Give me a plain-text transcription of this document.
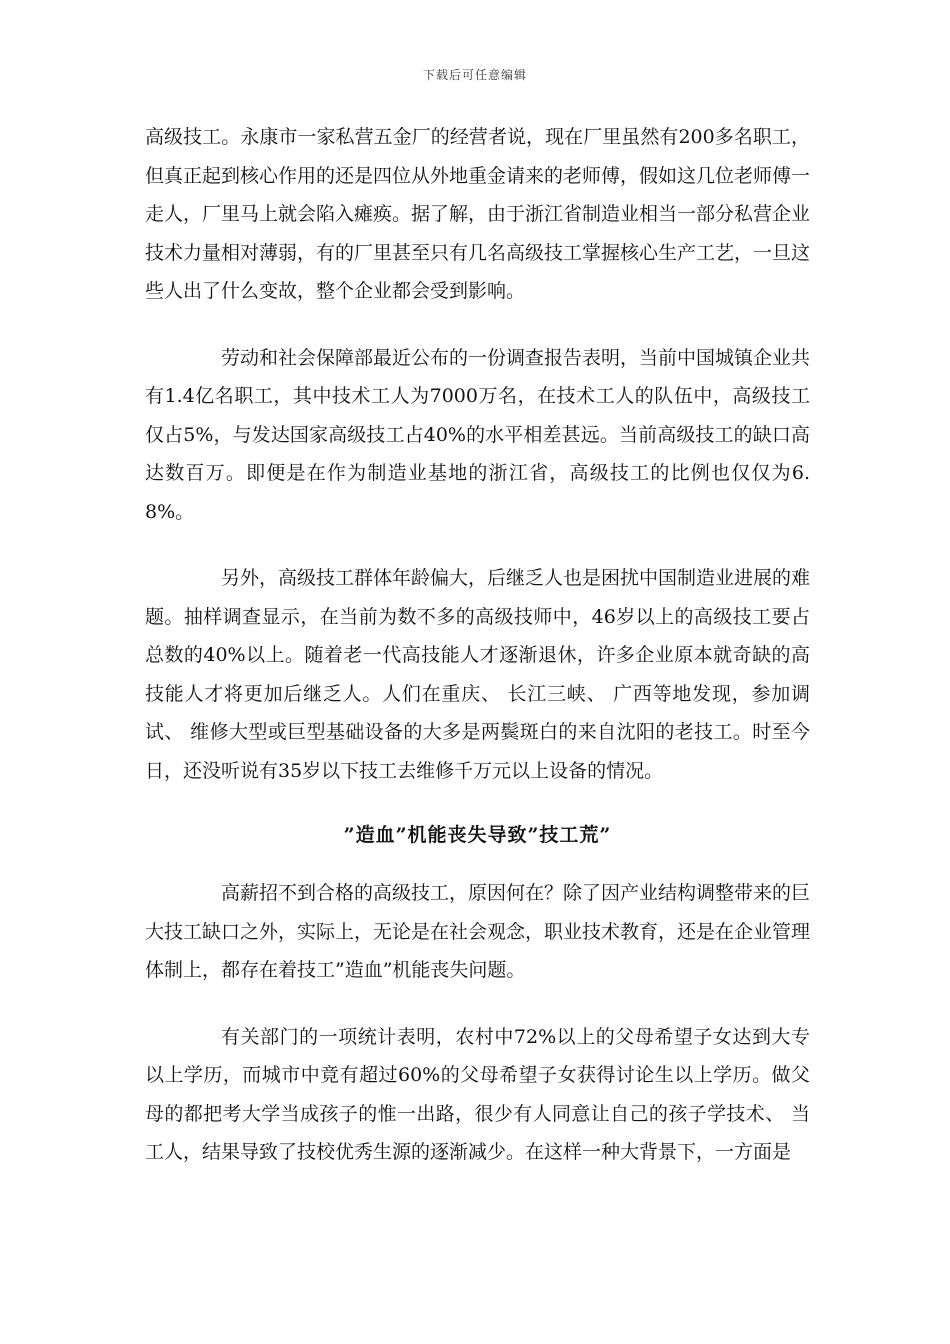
下载后可任意编辑

高级技工。永康市一家私营五金厂的经营者说，现在厂里虽然有200多名职工，但真正起到核心作用的还是四位从外地重金请来的老师傅，假如这几位老师傅一走人，厂里马上就会陷入瘫痪。据了解，由于浙江省制造业相当一部分私营企业技术力量相对薄弱，有的厂里甚至只有几名高级技工掌握核心生产工艺，一旦这些人出了什么变故，整个企业都会受到影响。

劳动和社会保障部最近公布的一份调查报告表明，当前中国城镇企业共有1.4亿名职工，其中技术工人为7000万名，在技术工人的队伍中，高级技工仅占5%，与发达国家高级技工占40%的水平相差甚远。当前高级技工的缺口高达数百万。即便是在作为制造业基地的浙江省，高级技工的比例也仅仅为6.8%。

另外，高级技工群体年龄偏大，后继乏人也是困扰中国制造业进展的难题。抽样调查显示，在当前为数不多的高级技师中，46岁以上的高级技工要占总数的40%以上。随着老一代高技能人才逐渐退休，许多企业原本就奇缺的高技能人才将更加后继乏人。人们在重庆、 长江三峡、 广西等地发现，参加调试、 维修大型或巨型基础设备的大多是两鬓斑白的来自沈阳的老技工。时至今日，还没听说有35岁以下技工去维修千万元以上设备的情况。

”造血”机能丧失导致”技工荒”

高薪招不到合格的高级技工，原因何在？除了因产业结构调整带来的巨大技工缺口之外，实际上，无论是在社会观念，职业技术教育，还是在企业管理体制上，都存在着技工”造血”机能丧失问题。

有关部门的一项统计表明，农村中72%以上的父母希望子女达到大专以上学历，而城市中竟有超过60%的父母希望子女获得讨论生以上学历。做父母的都把考大学当成孩子的惟一出路，很少有人同意让自己的孩子学技术、 当工人，结果导致了技校优秀生源的逐渐减少。在这样一种大背景下，一方面是
